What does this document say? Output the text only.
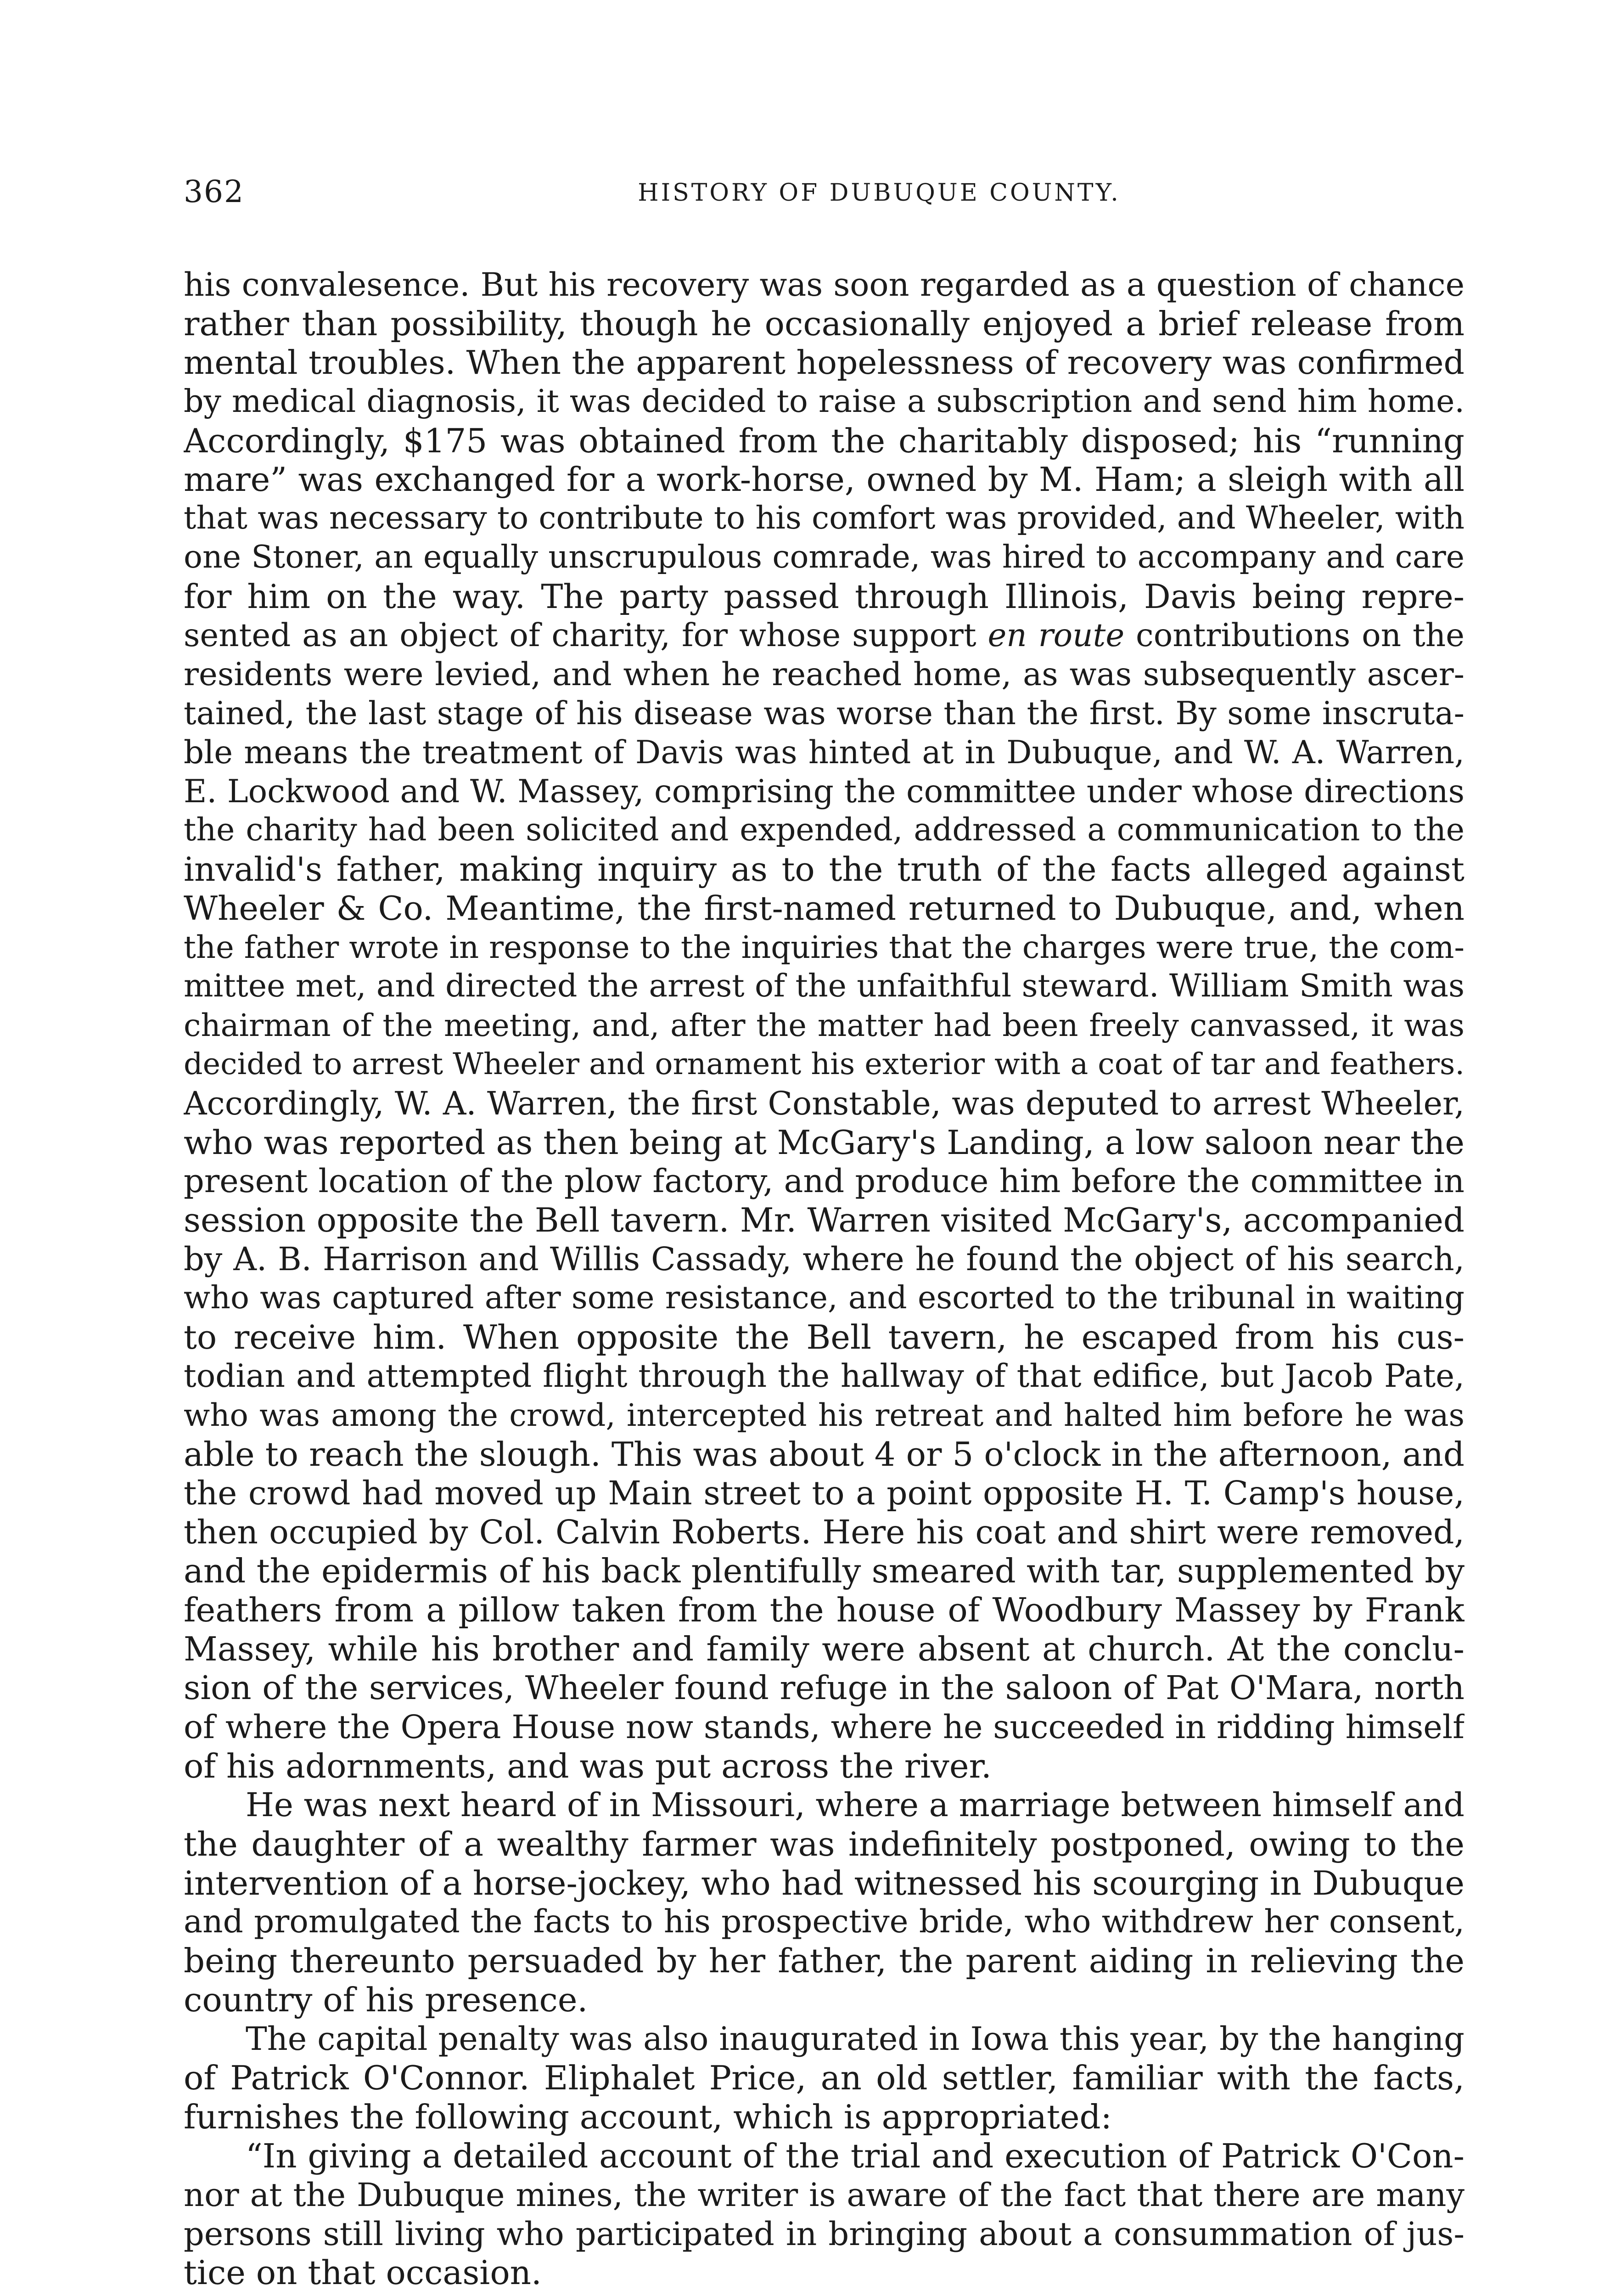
362	HISTORY OF DUBUQUE COUNTY.
his convalesence. But his recovery was soon regarded as a question of chance
rather than possibility, though he occasionally enjoyed a brief release from
mental troubles. When the apparent hopelessness of recovery was confirmed
by medical diagnosis, it was decided to raise a subscription and send him home.
Accordingly, $175 was obtained from the charitably disposed; his “running
mare” was exchanged for a work-horse, owned by M. Ham; a sleigh with all
that was necessary to contribute to his comfort was provided, and Wheeler, with
one Stoner, an equally unscrupulous comrade, was hired to accompany and care
for him on the way. The party passed through Illinois, Davis being repre-
sented as an object of charity, for whose support en route contributions on the
residents were levied, and when he reached home, as was subsequently ascer-
tained, the last stage of his disease was worse than the first. By some inscruta-
ble means the treatment of Davis was hinted at in Dubuque, and W. A. Warren,
E. Lockwood and W. Massey, comprising the committee under whose directions
the charity had been solicited and expended, addressed a communication to the
invalid's father, making inquiry as to the truth of the facts alleged against
Wheeler & Co. Meantime, the first-named returned to Dubuque, and, when
the father wrote in response to the inquiries that the charges were true, the com-
mittee met, and directed the arrest of the unfaithful steward. William Smith was
chairman of the meeting, and, after the matter had been freely canvassed, it was
decided to arrest Wheeler and ornament his exterior with a coat of tar and feathers.
Accordingly, W. A. Warren, the first Constable, was deputed to arrest Wheeler,
who was reported as then being at McGary's Landing, a low saloon near the
present location of the plow factory, and produce him before the committee in
session opposite the Bell tavern. Mr. Warren visited McGary's, accompanied
by A. B. Harrison and Willis Cassady, where he found the object of his search,
who was captured after some resistance, and escorted to the tribunal in waiting
to receive him. When opposite the Bell tavern, he escaped from his cus-
todian and attempted flight through the hallway of that edifice, but Jacob Pate,
who was among the crowd, intercepted his retreat and halted him before he was
able to reach the slough. This was about 4 or 5 o'clock in the afternoon, and
the crowd had moved up Main street to a point opposite H. T. Camp's house,
then occupied by Col. Calvin Roberts. Here his coat and shirt were removed,
and the epidermis of his back plentifully smeared with tar, supplemented by
feathers from a pillow taken from the house of Woodbury Massey by Frank
Massey, while his brother and family were absent at church. At the conclu-
sion of the services, Wheeler found refuge in the saloon of Pat O'Mara, north
of where the Opera House now stands, where he succeeded in ridding himself
of his adornments, and was put across the river.
He was next heard of in Missouri, where a marriage between himself and
the daughter of a wealthy farmer was indefinitely postponed, owing to the
intervention of a horse-jockey, who had witnessed his scourging in Dubuque
and promulgated the facts to his prospective bride, who withdrew her consent,
being thereunto persuaded by her father, the parent aiding in relieving the
country of his presence.
The capital penalty was also inaugurated in Iowa this year, by the hanging
of Patrick O'Connor. Eliphalet Price, an old settler, familiar with the facts,
furnishes the following account, which is appropriated:
“In giving a detailed account of the trial and execution of Patrick O'Con-
nor at the Dubuque mines, the writer is aware of the fact that there are many
persons still living who participated in bringing about a consummation of jus-
tice on that occasion.
